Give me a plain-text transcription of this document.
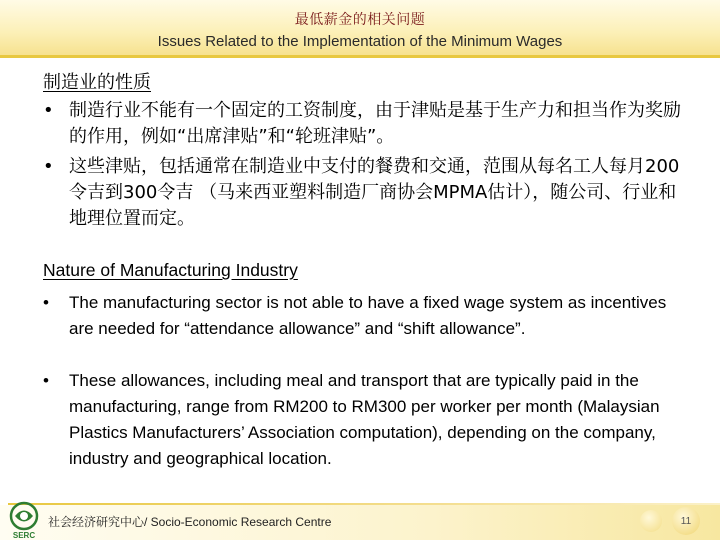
最低薪金的相关问题
Issues Related to the Implementation of the Minimum Wages
制造业的性质
• 制造行业不能有一个固定的工资制度，由于津贴是基于生产力和担当作为奖励的作用，例如“出席津贴”和“轮班津贴”。
• 这些津贴，包括通常在制造业中支付的餐费和交通，范围从每名工人每月200令吉到300令吉 （马来西亚塑料制造厂商协会MPMA估计），随公司、行业和地理位置而定。
Nature of Manufacturing Industry
•	The manufacturing sector is not able to have a fixed wage system as incentives are needed for “attendance allowance” and “shift allowance”.
•	These allowances, including meal and transport that are typically paid in the manufacturing, range from RM200 to RM300 per worker per month (Malaysian Plastics Manufacturers’ Association computation), depending on the company, industry and geographical location.
SERC
社会经济研究中心/ Socio-Economic Research Centre	11
